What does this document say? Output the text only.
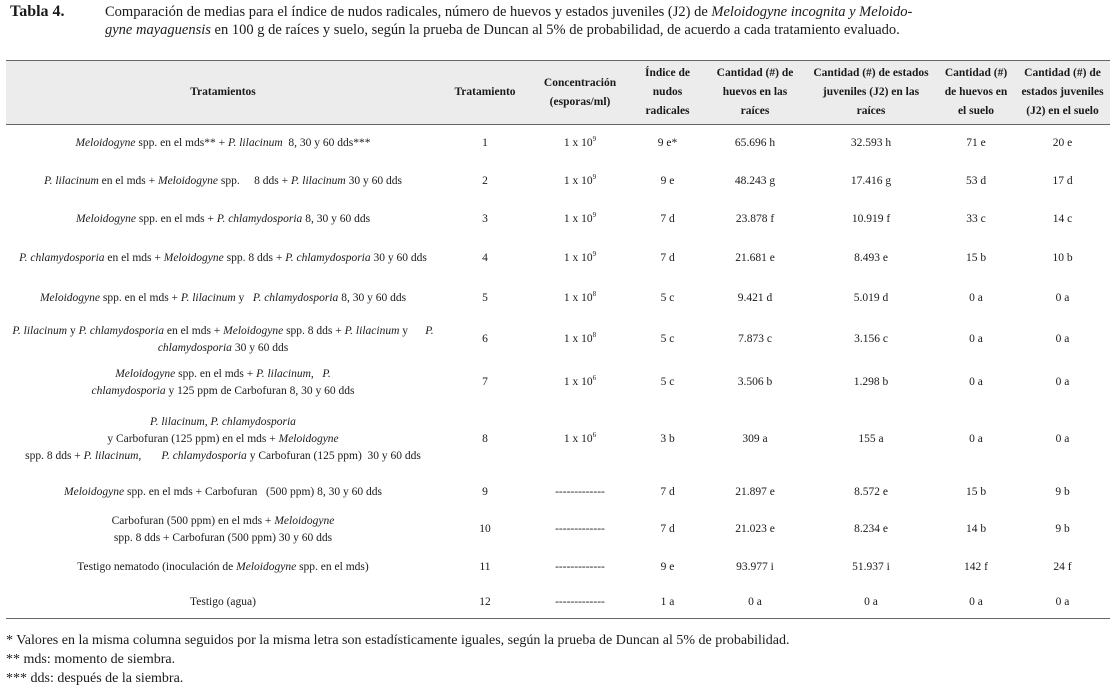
Tabla 4.	Comparación de medias para el índice de nudos radicales, número de huevos y estados juveniles (J2) de Meloidogyne incognita y Meloido-gyne mayaguensis en 100 g de raíces y suelo, según la prueba de Duncan al 5% de probabilidad, de acuerdo a cada tratamiento evaluado.
Tratamientos	Tratamiento	Concentración (esporas/ml)	Índice de nudos radicales	Cantidad (#) de huevos en las raíces	Cantidad (#) de estados juveniles (J2) en las raíces	Cantidad (#) de huevos en el suelo	Cantidad (#) de estados juveniles (J2) en el suelo

Meloidogyne spp. en el mds** + P. lilacinum  8, 30 y 60 dds***	1	1 x $10^9$	9 e*	65.696 h	32.593 h	71 e	20 e

P. lilacinum en el mds + Meloidogyne spp.     8 dds + P. lilacinum 30 y 60 dds	2	1 x $10^9$	9 e	48.243 g	17.416 g	53 d	17 d

Meloidogyne spp. en el mds + P. chlamydosporia 8, 30 y 60 dds	3	1 x $10^9$	7 d	23.878 f	10.919 f	33 c	14 c

P. chlamydosporia en el mds + Meloidogyne spp. 8 dds + P. chlamydosporia 30 y 60 dds	4	1 x $10^9$	7 d	21.681 e	8.493 e	15 b	10 b

Meloidogyne spp. en el mds + P. lilacinum y   P. chlamydosporia 8, 30 y 60 dds	5	1 x $10^8$	5 c	9.421 d	5.019 d	0 a	0 a

P. lilacinum y P. chlamydosporia en el mds + Meloidogyne spp. 8 dds + P. lilacinum y      P.
chlamydosporia 30 y 60 dds	6	1 x $10^8$	5 c	7.873 c	3.156 c	0 a	0 a

Meloidogyne spp. en el mds + P. lilacinum, P.
chlamydosporia y 125 ppm de Carbofuran 8, 30 y 60 dds	7	1 x $10^6$	5 c	3.506 b	1.298 b	0 a	0 a

P. lilacinum, P. chlamydosporia
y Carbofuran (125 ppm) en el mds + Meloidogyne
spp. 8 dds + P. lilacinum, P. chlamydosporia y Carbofuran (125 ppm)  30 y 60 dds	8	1 x $10^6$	3 b	309 a	155 a	0 a	0 a

Meloidogyne spp. en el mds + Carbofuran   (500 ppm) 8, 30 y 60 dds	9	-------------	7 d	21.897 e	8.572 e	15 b	9 b

Carbofuran (500 ppm) en el mds + Meloidogyne
spp. 8 dds + Carbofuran (500 ppm) 30 y 60 dds	10	-------------	7 d	21.023 e	8.234 e	14 b	9 b

Testigo nematodo (inoculación de Meloidogyne spp. en el mds)	11	-------------	9 e	93.977 i	51.937 i	142 f	24 f

Testigo (agua)	12	-------------	1 a	0 a	0 a	0 a	0 a
* Valores en la misma columna seguidos por la misma letra son estadísticamente iguales, según la prueba de Duncan al 5% de probabilidad.
** mds: momento de siembra.
*** dds: después de la siembra.
